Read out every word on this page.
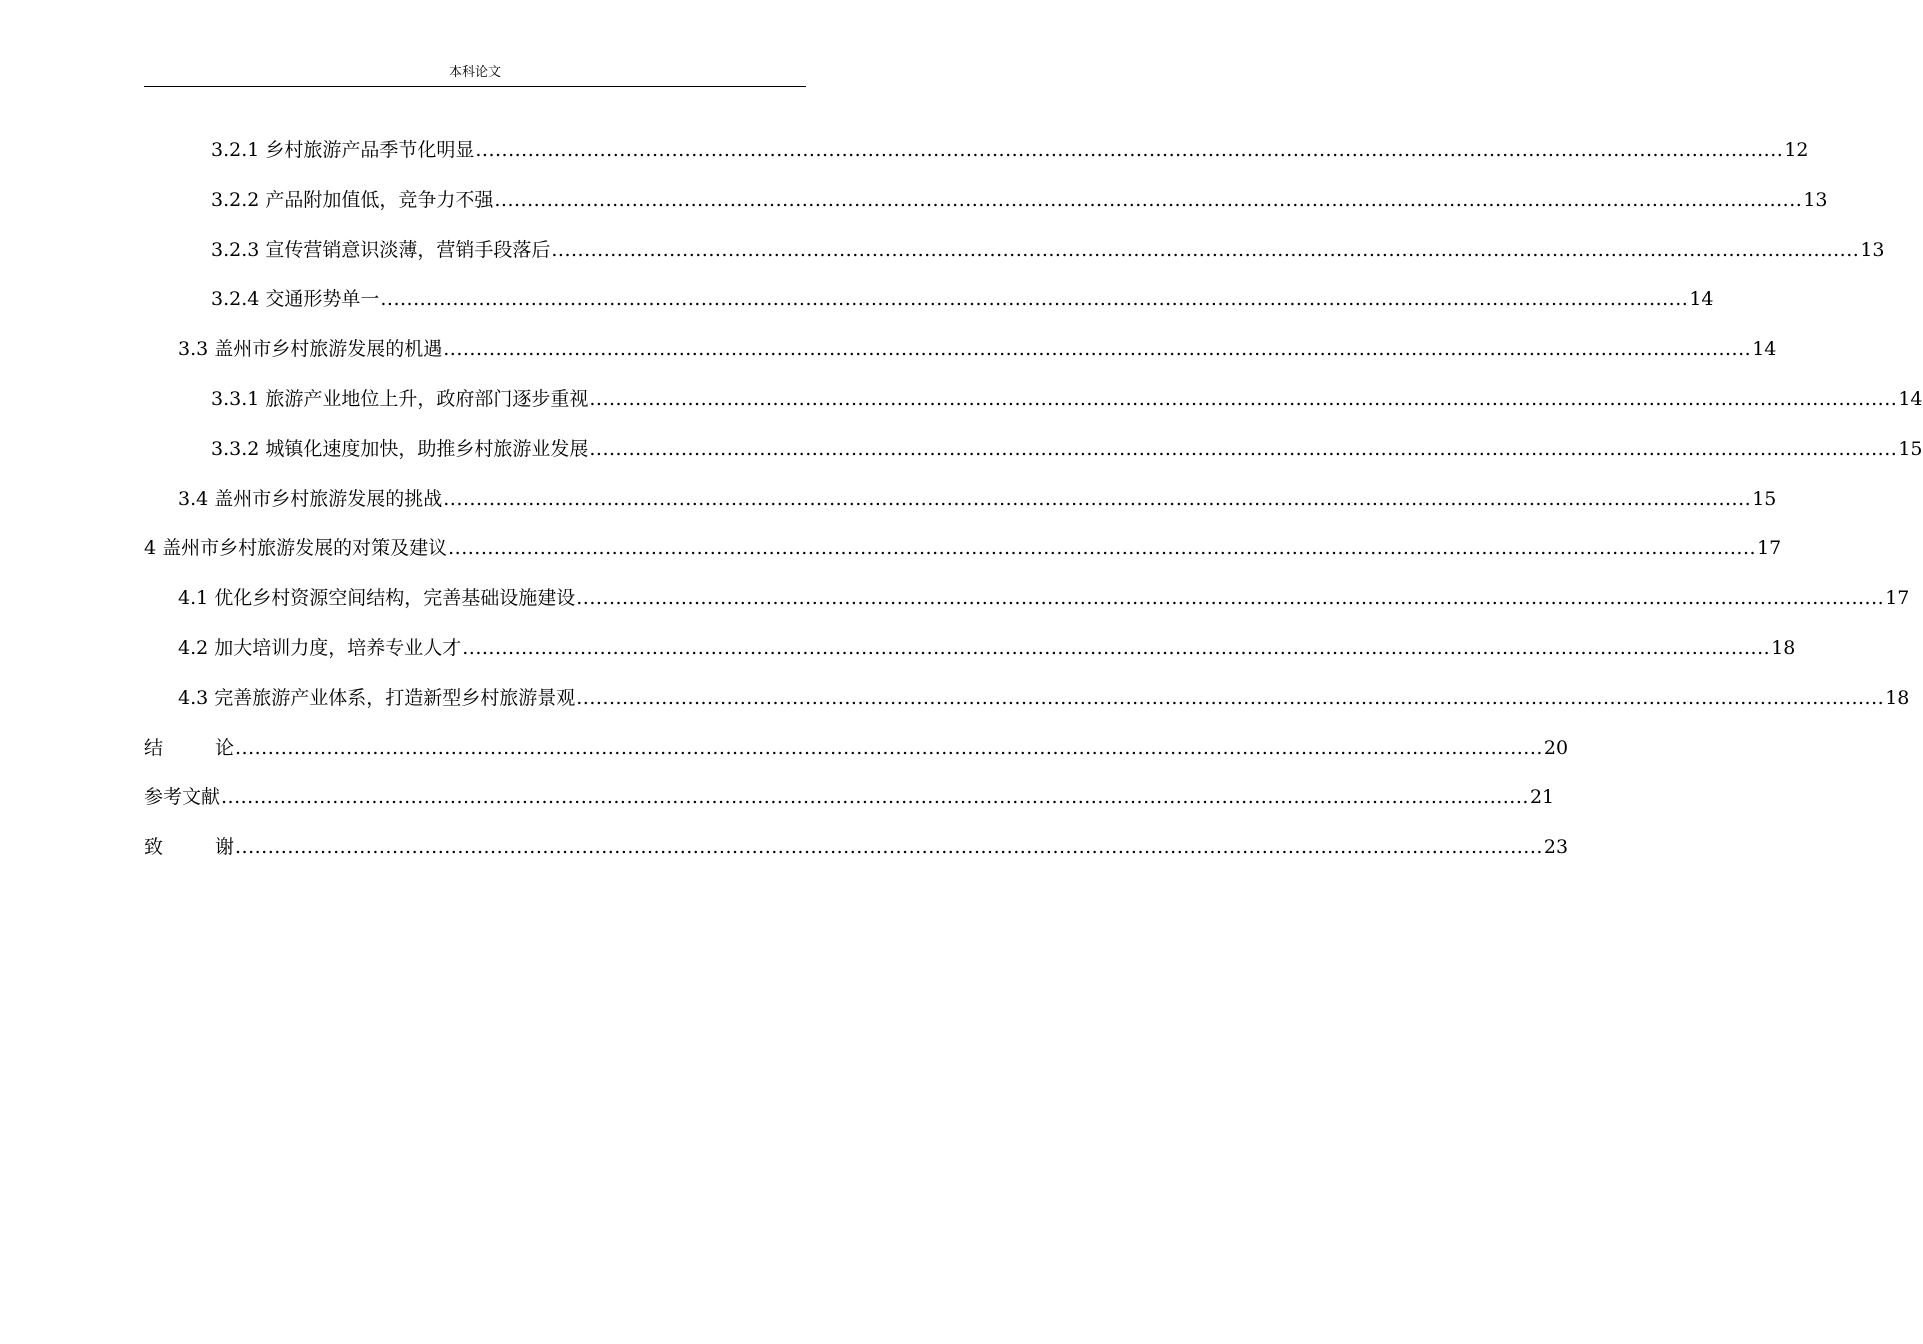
本科论文
3.2.1 乡村旅游产品季节化明显 ........................................................................................................................................................................................................ 12
3.2.2 产品附加值低，竞争力不强 ........................................................................................................................................................................................................ 13
3.2.3 宣传营销意识淡薄，营销手段落后 ........................................................................................................................................................................................................ 13
3.2.4 交通形势单一 ........................................................................................................................................................................................................ 14
3.3 盖州市乡村旅游发展的机遇 ........................................................................................................................................................................................................ 14
3.3.1 旅游产业地位上升，政府部门逐步重视 ........................................................................................................................................................................................................ 14
3.3.2 城镇化速度加快，助推乡村旅游业发展 ........................................................................................................................................................................................................ 15
3.4 盖州市乡村旅游发展的挑战 ........................................................................................................................................................................................................ 15
4 盖州市乡村旅游发展的对策及建议 ........................................................................................................................................................................................................ 17
4.1 优化乡村资源空间结构，完善基础设施建设 ........................................................................................................................................................................................................ 17
4.2 加大培训力度，培养专业人才 ........................................................................................................................................................................................................ 18
4.3 完善旅游产业体系，打造新型乡村旅游景观 ........................................................................................................................................................................................................ 18
结	论 ........................................................................................................................................................................................................ 20
参考文献 ........................................................................................................................................................................................................ 21
致	谢 ........................................................................................................................................................................................................ 23
